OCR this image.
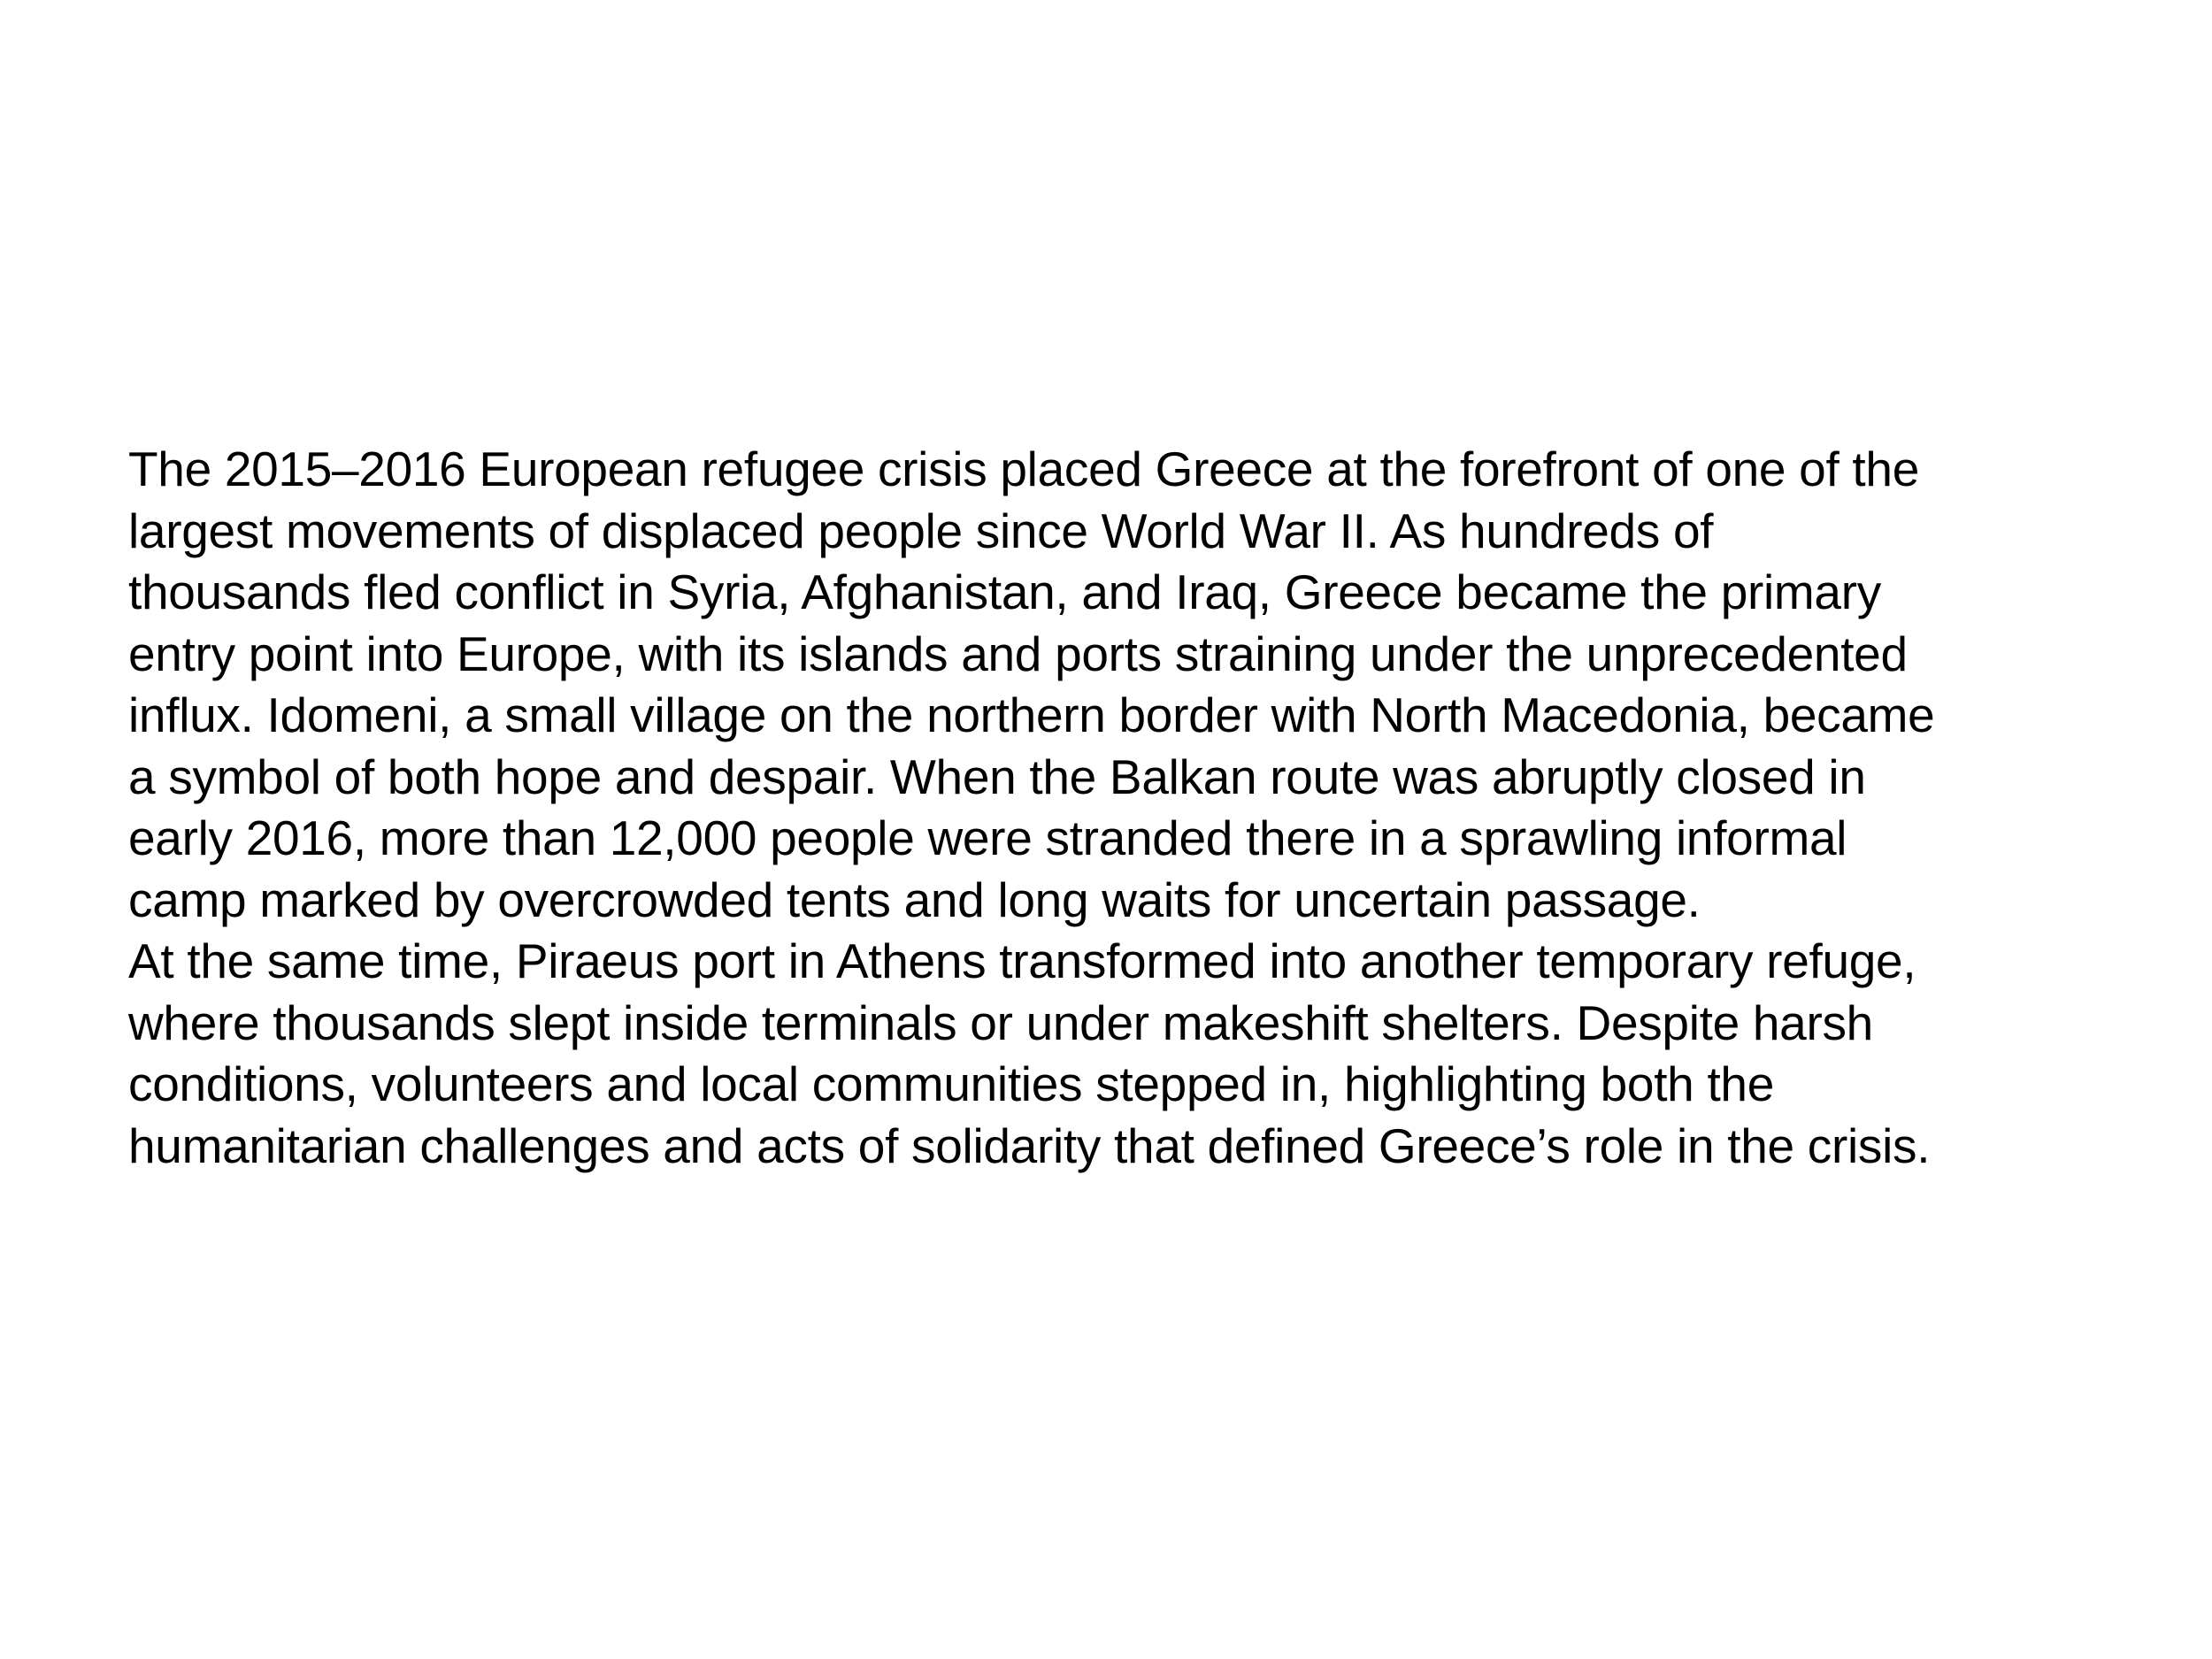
The 2015–2016 European refugee crisis placed Greece at the forefront of one of the
largest movements of displaced people since World War II. As hundreds of
thousands fled conflict in Syria, Afghanistan, and Iraq, Greece became the primary
entry point into Europe, with its islands and ports straining under the unprecedented
influx. Idomeni, a small village on the northern border with North Macedonia, became
a symbol of both hope and despair. When the Balkan route was abruptly closed in
early 2016, more than 12,000 people were stranded there in a sprawling informal
camp marked by overcrowded tents and long waits for uncertain passage.
At the same time, Piraeus port in Athens transformed into another temporary refuge,
where thousands slept inside terminals or under makeshift shelters. Despite harsh
conditions, volunteers and local communities stepped in, highlighting both the
humanitarian challenges and acts of solidarity that defined Greece’s role in the crisis.
